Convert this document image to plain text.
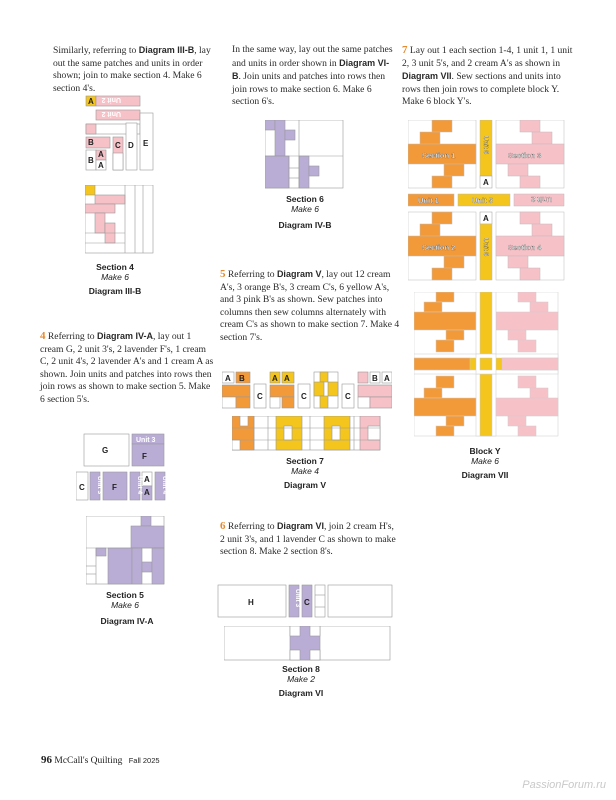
Similarly, referring to Diagram III-B, lay out the same patches and units in order shown; join to make section 4. Make 6 section 4's.
A Unit 2
Unit 2
B
B
A
A
C D E
Section 4
Make 6
Diagram III-B
4 Referring to Diagram IV-A, lay out 1 cream G, 2 unit 3's, 2 lavender F's, 1 cream C, 2 unit 4's, 2 lavender A's and 1 cream A as shown. Join units and patches into rows then join rows as shown to make section 5. Make 6 section 5's.
G
F
Unit 3
C	F
A
A
Unit 3	Unit 4	Unit 4
Section 5
Make 6
Diagram IV-A
In the same way, lay out the same patches and units in order shown in Diagram VI-B. Join units and patches into rows then join rows to make section 6. Make 6 section 6's.
Section 6
Make 6
Diagram IV-B
5 Referring to Diagram V, lay out 12 cream A's, 3 orange B's, 3 cream C's, 6 yellow A's, and 3 pink B's as shown. Sew patches into columns then sew columns alternately with cream C's as shown to make section 7. Make 4 section 7's.
A B
C
A A
C	C
B A
Section 7
Make 4
Diagram V
6 Referring to Diagram VI, join 2 cream H's, 2 unit 3's, and 1 lavender C as shown to make section 8. Make 2 section 8's.
H	C
Unit 3
Section 8
Make 2
Diagram VI
7 Lay out 1 each section 1-4, 1 unit 1, 1 unit 2, 3 unit 5's, and 2 cream A's as shown in Diagram VII. Sew sections and units into rows then join rows to complete block Y. Make 6 block Y's.
Section 1	Section 3
Section 2	Section 4
Unit 1	Unit 5	Unit 2
Unit 5
Unit 5
A
A
Block Y
Make 6
Diagram VII
96 McCall's Quilting Fall 2025
PassionForum.ru
